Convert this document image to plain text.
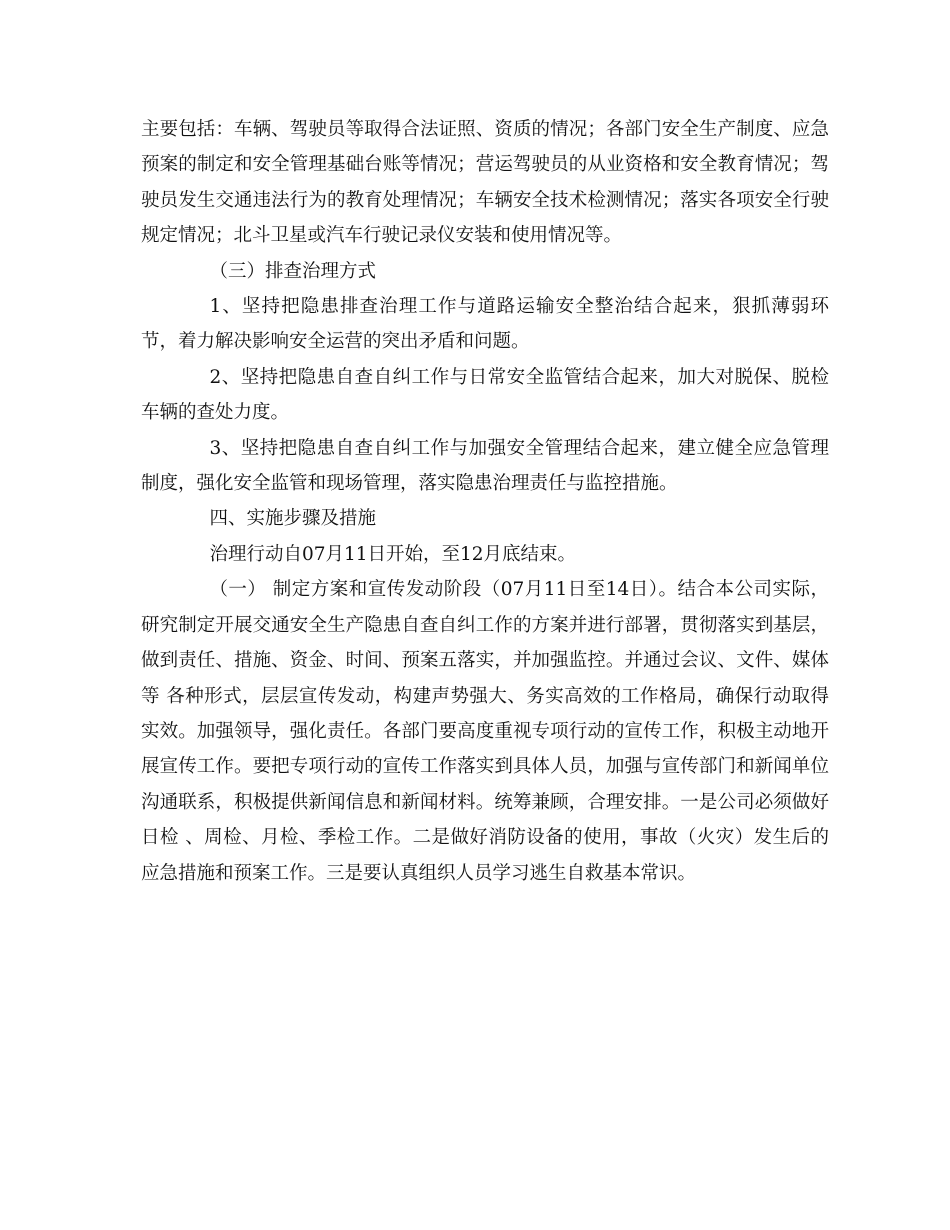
主要包括：车辆、驾驶员等取得合法证照、资质的情况；各部门安全生产制度、应急预案的制定和安全管理基础台账等情况；营运驾驶员的从业资格和安全教育情况；驾驶员发生交通违法行为的教育处理情况；车辆安全技术检测情况；落实各项安全行驶规定情况；北斗卫星或汽车行驶记录仪安装和使用情况等。

（三）排查治理方式

1、坚持把隐患排查治理工作与道路运输安全整治结合起来，狠抓薄弱环节，着力解决影响安全运营的突出矛盾和问题。

2、坚持把隐患自查自纠工作与日常安全监管结合起来，加大对脱保、脱检车辆的查处力度。

3、坚持把隐患自查自纠工作与加强安全管理结合起来，建立健全应急管理制度，强化安全监管和现场管理，落实隐患治理责任与监控措施。

四、实施步骤及措施

治理行动自07月11日开始，至12月底结束。

（一） 制定方案和宣传发动阶段（07月11日至14日）。结合本公司实际，研究制定开展交通安全生产隐患自查自纠工作的方案并进行部署，贯彻落实到基层，做到责任、措施、资金、时间、预案五落实，并加强监控。并通过会议、文件、媒体等 各种形式，层层宣传发动，构建声势强大、务实高效的工作格局，确保行动取得实效。加强领导，强化责任。各部门要高度重视专项行动的宣传工作，积极主动地开展宣传工作。要把专项行动的宣传工作落实到具体人员，加强与宣传部门和新闻单位沟通联系，积极提供新闻信息和新闻材料。统筹兼顾，合理安排。一是公司必须做好日检 、周检、月检、季检工作。二是做好消防设备的使用，事故（火灾）发生后的应急措施和预案工作。三是要认真组织人员学习逃生自救基本常识。
